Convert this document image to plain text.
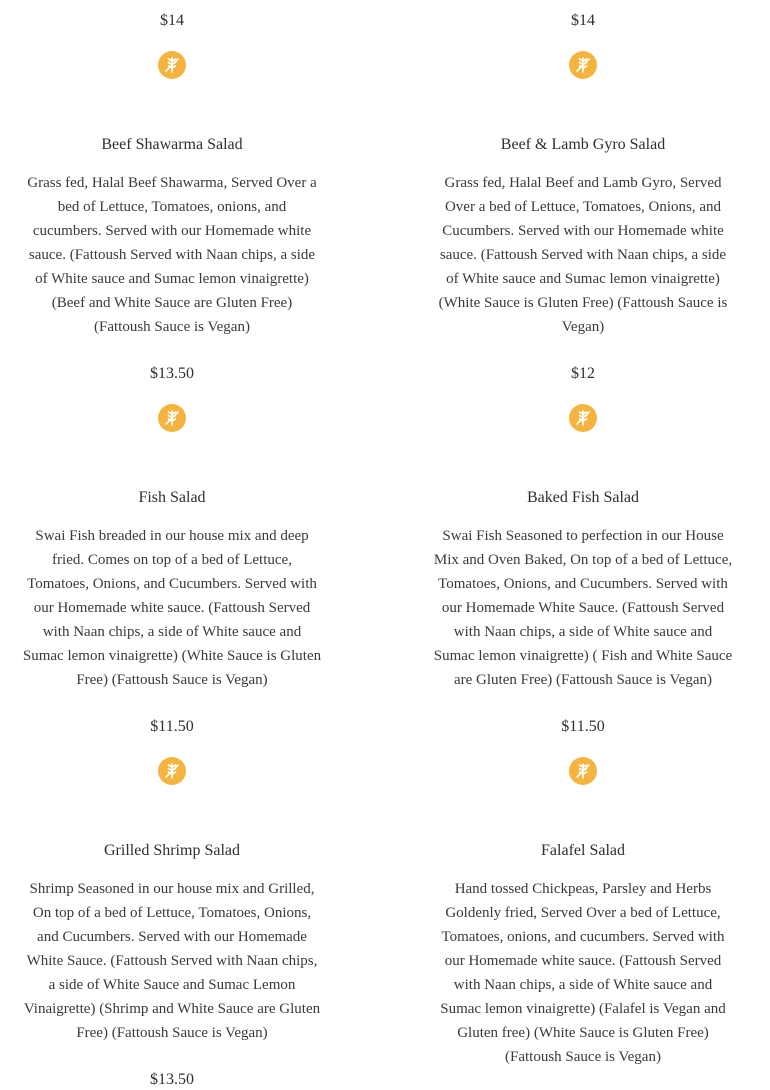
$14

Beef Shawarma Salad

Grass fed, Halal Beef Shawarma, Served Over a bed of Lettuce, Tomatoes, onions, and cucumbers. Served with our Homemade white sauce. (Fattoush Served with Naan chips, a side of White sauce and Sumac lemon vinaigrette) (Beef and White Sauce are Gluten Free) (Fattoush Sauce is Vegan)

$13.50

Fish Salad

Swai Fish breaded in our house mix and deep fried. Comes on top of a bed of Lettuce, Tomatoes, Onions, and Cucumbers. Served with our Homemade white sauce. (Fattoush Served with Naan chips, a side of White sauce and Sumac lemon vinaigrette) (White Sauce is Gluten Free) (Fattoush Sauce is Vegan)

$11.50

Grilled Shrimp Salad

Shrimp Seasoned in our house mix and Grilled, On top of a bed of Lettuce, Tomatoes, Onions, and Cucumbers. Served with our Homemade White Sauce. (Fattoush Served with Naan chips, a side of White Sauce and Sumac Lemon Vinaigrette) (Shrimp and White Sauce are Gluten Free) (Fattoush Sauce is Vegan)

$13.50
$14

Beef & Lamb Gyro Salad

Grass fed, Halal Beef and Lamb Gyro, Served Over a bed of Lettuce, Tomatoes, Onions, and Cucumbers. Served with our Homemade white sauce. (Fattoush Served with Naan chips, a side of White sauce and Sumac lemon vinaigrette) (White Sauce is Gluten Free) (Fattoush Sauce is Vegan)

$12

Baked Fish Salad

Swai Fish Seasoned to perfection in our House Mix and Oven Baked, On top of a bed of Lettuce, Tomatoes, Onions, and Cucumbers. Served with our Homemade White Sauce. (Fattoush Served with Naan chips, a side of White sauce and Sumac lemon vinaigrette) ( Fish and White Sauce are Gluten Free) (Fattoush Sauce is Vegan)

$11.50

Falafel Salad

Hand tossed Chickpeas, Parsley and Herbs Goldenly fried, Served Over a bed of Lettuce, Tomatoes, onions, and cucumbers. Served with our Homemade white sauce. (Fattoush Served with Naan chips, a side of White sauce and Sumac lemon vinaigrette) (Falafel is Vegan and Gluten free) (White Sauce is Gluten Free) (Fattoush Sauce is Vegan)
